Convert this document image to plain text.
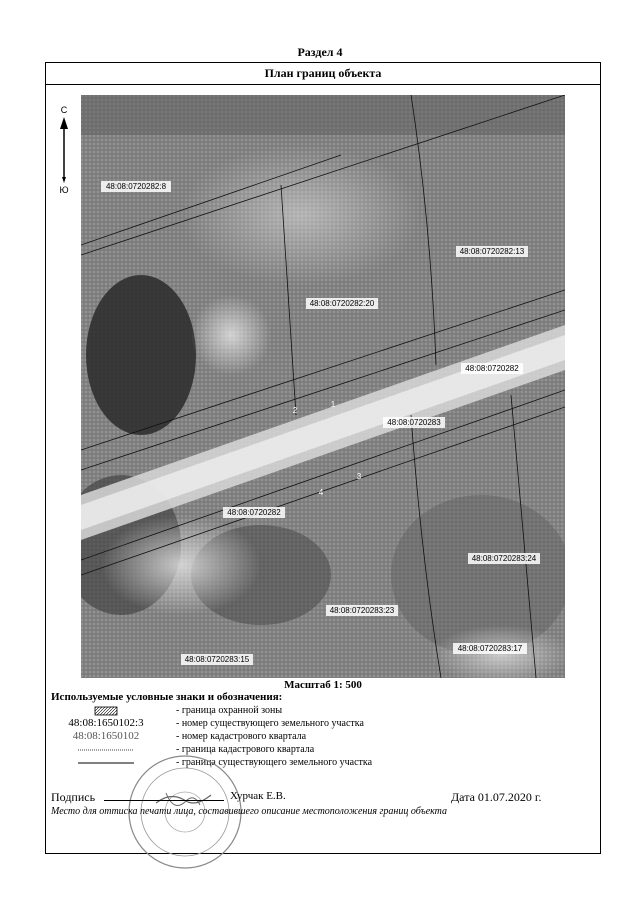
Раздел 4
План границ объекта
С
Ю	48:08:0720282:8
48:08:0720282:13
48:08:0720282:20
48:08:0720282
48:08:0720283
48:08:0720282
48:08:0720283:24
48:08:0720283:23
48:08:0720283:15
1
2
3
4
48:08:0720283:17
Масштаб 1: 500
Используемые условные знаки и обозначения:
- граница охранной зоны
48:08:1650102:3	- номер существующего земельного участка
48:08:1650102	- номер кадастрового квартала
- граница кадастрового квартала
- граница существующего земельного участка
Подпись	Хурчак Е.В.	Дата 01.07.2020 г.
Место для оттиска печати лица, составившего описание местоположения границ объекта
